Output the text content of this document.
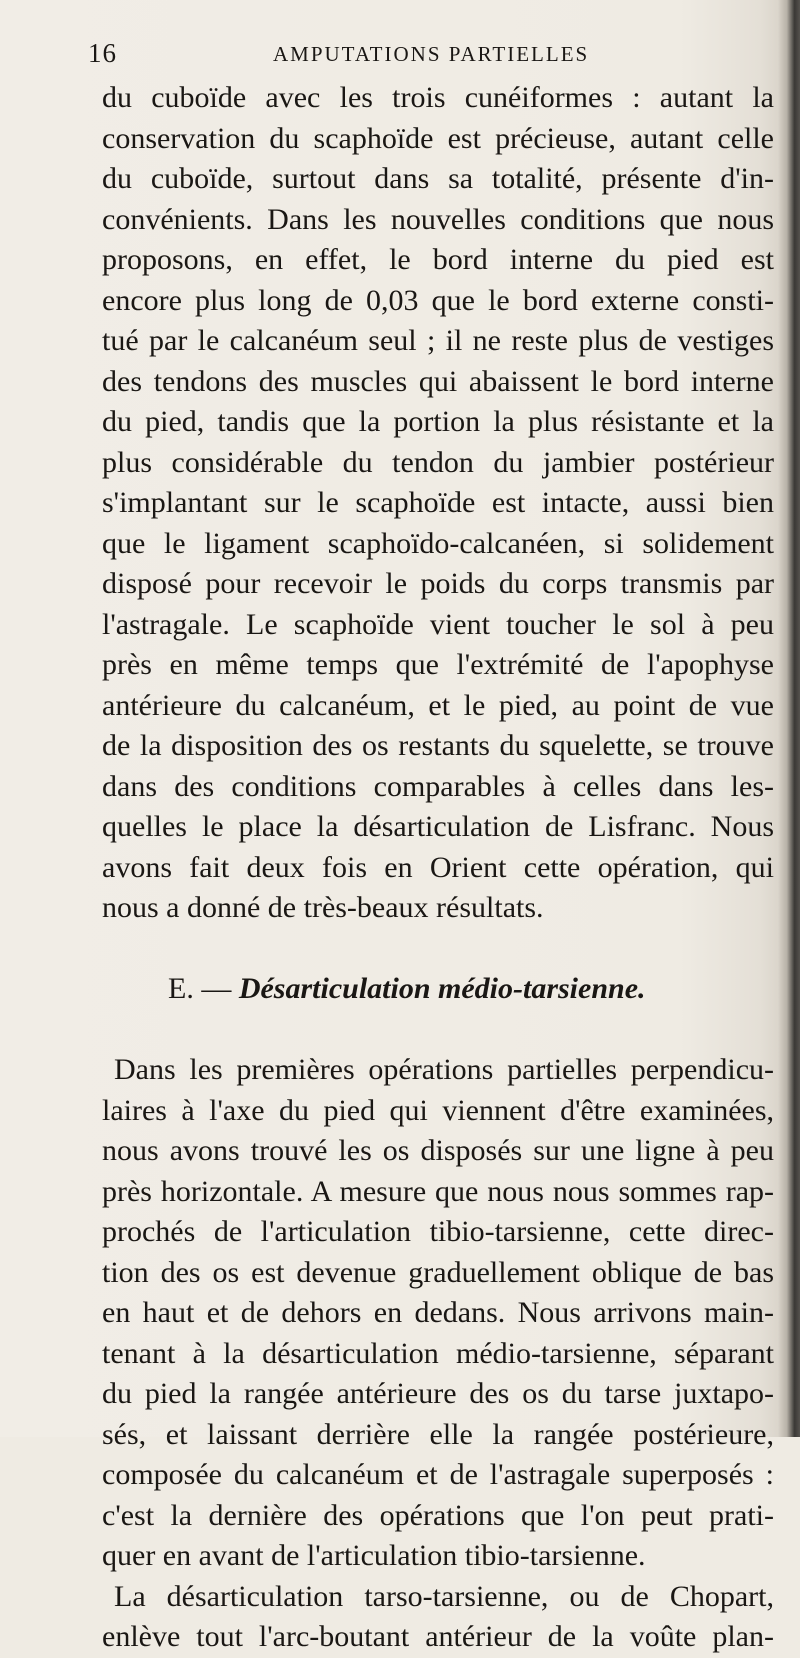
16	AMPUTATIONS PARTIELLES
du cuboïde avec les trois cunéiformes : autant la
conservation du scaphoïde est précieuse, autant celle
du cuboïde, surtout dans sa totalité, présente d'in-
convénients. Dans les nouvelles conditions que nous
proposons, en effet, le bord interne du pied est
encore plus long de 0,03 que le bord externe consti-
tué par le calcanéum seul ; il ne reste plus de vestiges
des tendons des muscles qui abaissent le bord interne
du pied, tandis que la portion la plus résistante et la
plus considérable du tendon du jambier postérieur
s'implantant sur le scaphoïde est intacte, aussi bien
que le ligament scaphoïdo-calcanéen, si solidement
disposé pour recevoir le poids du corps transmis par
l'astragale. Le scaphoïde vient toucher le sol à peu
près en même temps que l'extrémité de l'apophyse
antérieure du calcanéum, et le pied, au point de vue
de la disposition des os restants du squelette, se trouve
dans des conditions comparables à celles dans les-
quelles le place la désarticulation de Lisfranc. Nous
avons fait deux fois en Orient cette opération, qui
nous a donné de très-beaux résultats.
E. — Désarticulation médio-tarsienne.
Dans les premières opérations partielles perpendicu-
laires à l'axe du pied qui viennent d'être examinées,
nous avons trouvé les os disposés sur une ligne à peu
près horizontale. A mesure que nous nous sommes rap-
prochés de l'articulation tibio-tarsienne, cette direc-
tion des os est devenue graduellement oblique de bas
en haut et de dehors en dedans. Nous arrivons main-
tenant à la désarticulation médio-tarsienne, séparant
du pied la rangée antérieure des os du tarse juxtapo-
sés, et laissant derrière elle la rangée postérieure,
composée du calcanéum et de l'astragale superposés :
c'est la dernière des opérations que l'on peut prati-
quer en avant de l'articulation tibio-tarsienne.
La désarticulation tarso-tarsienne, ou de Chopart,
enlève tout l'arc-boutant antérieur de la voûte plan-
